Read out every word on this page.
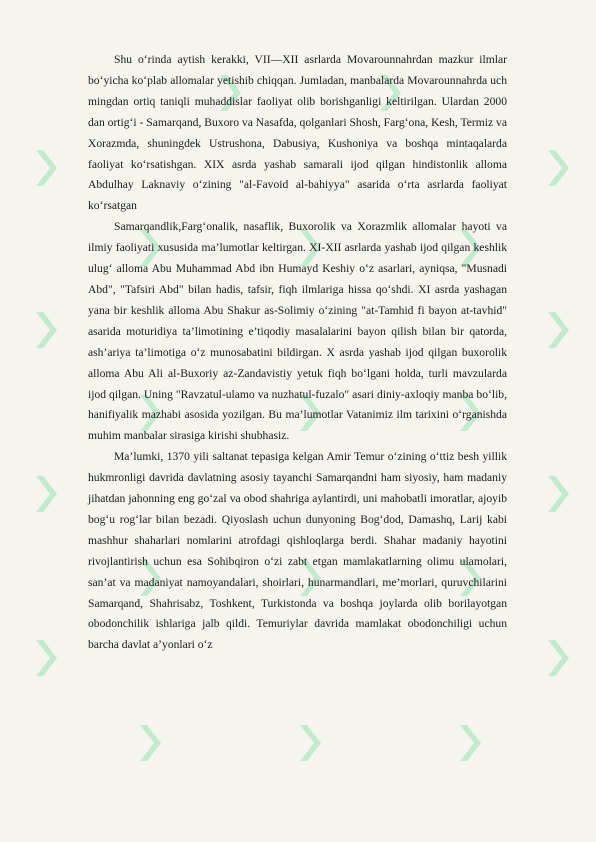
Shu o‘rinda aytish kerakki, VII—XII asrlarda Movarounnahrdan mazkur ilmlar bo‘yicha ko‘plab allomalar yetishib chiqqan. Jumladan, manbalarda Movarounnahrda uch mingdan ortiq taniqli muhaddislar faoliyat olib borishganligi keltirilgan. Ulardan 2000 dan ortig‘i - Samarqand, Buxoro va Nasafda, qolganlari Shosh, Farg‘ona, Kesh, Termiz va Xorazmda, shuningdek Ustrushona, Dabusiya, Kushoniya va boshqa mintaqalarda faoliyat ko‘rsatishgan. XIX asrda yashab samarali ijod qilgan hindistonlik alloma Abdulhay Laknaviy o‘zining "al-Favoid al-bahiyya" asarida o‘rta asrlarda faoliyat ko‘rsatgan

Samarqandlik,Farg‘onalik, nasaflik, Buxorolik va Xorazmlik allomalar hayoti va ilmiy faoliyati xususida ma’lumotlar keltirgan. XI-XII asrlarda yashab ijod qilgan keshlik ulug‘ alloma Abu Muhammad Abd ibn Humayd Keshiy o‘z asarlari, ayniqsa, "Musnadi Abd", "Tafsiri Abd" bilan hadis, tafsir, fiqh ilmlariga hissa qo‘shdi. XI asrda yashagan yana bir keshlik alloma Abu Shakur as-Solimiy o‘zining "at-Tamhid fi bayon at-tavhid" asarida moturidiya ta’limotining e’tiqodiy masalalarini bayon qilish bilan bir qatorda, ash’ariya ta’limotiga o‘z munosabatini bildirgan. X asrda yashab ijod qilgan buxorolik alloma Abu Ali al-Buxoriy az-Zandavistiy yetuk fiqh bo‘lgani holda, turli mavzularda ijod qilgan. Uning "Ravzatul-ulamo va nuzhatul-fuzalo" asari diniy-axloqiy manba bo‘lib, hanifiyalik mazhabi asosida yozilgan. Bu ma’lumotlar Vatanimiz ilm tarixini o‘rganishda muhim manbalar sirasiga kirishi shubhasiz.

Ma’lumki, 1370 yili saltanat tepasiga kelgan Amir Temur o‘zining o‘ttiz besh yillik hukmronligi davrida davlatning asosiy tayanchi Samarqandni ham siyosiy, ham madaniy jihatdan jahonning eng go‘zal va obod shahriga aylantirdi, uni mahobatli imoratlar, ajoyib bog‘u rog‘lar bilan bezadi. Qiyoslash uchun dunyoning Bog‘dod, Damashq, Larij kabi mashhur shaharlari nomlarini atrofdagi qishloqlarga berdi. Shahar madaniy hayotini rivojlantirish uchun esa Sohibqiron o‘zi zabt etgan mamlakatlarning olimu ulamolari, san’at va madaniyat namoyandalari, shoirlari, hunarmandlari, me’morlari, quruvchilarini Samarqand, Shahrisabz, Toshkent, Turkistonda va boshqa joylarda olib borilayotgan obodonchilik ishlariga jalb qildi. Temuriylar davrida mamlakat obodonchiligi uchun barcha davlat a’yonlari o‘z
